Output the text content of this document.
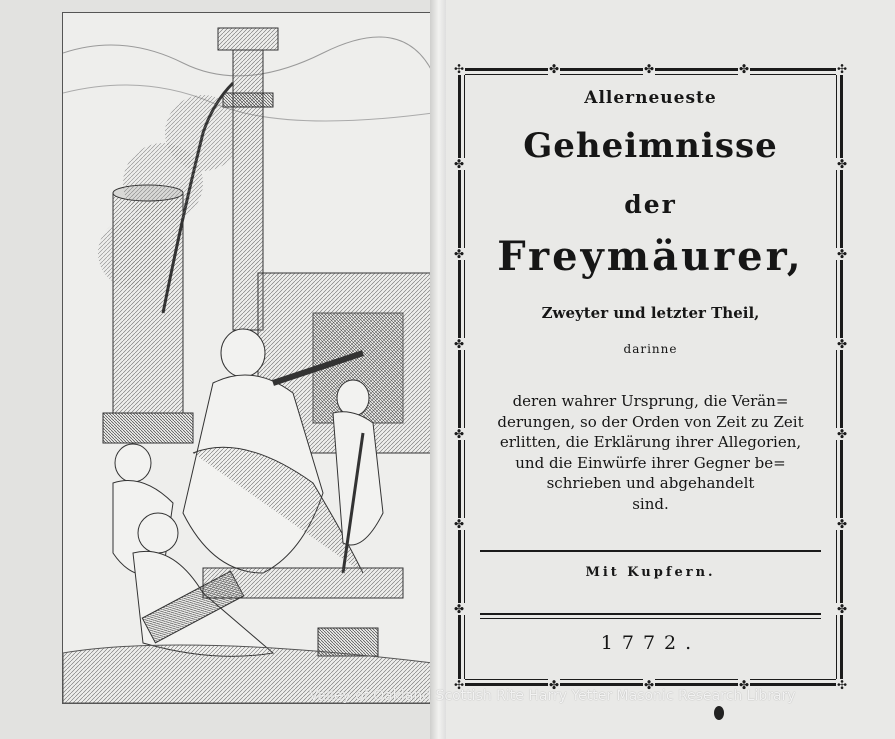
✣	✣
✣	✣
✤	✤	✤
✤	✤	✤
✤
✤
✤
✤
✤
✤
✤
✤
✤
✤
✤
✤
Allerneueste
Geheimnisse
der
Freymäurer,
Zweyter und letzter Theil,
darinne
deren wahrer Ursprung, die Verän=
derungen, so der Orden von Zeit zu Zeit
erlitten, die Erklärung ihrer Allegorien,
und die Einwürfe ihrer Gegner be=
schrieben und abgehandelt
sind.
Mit Kupfern.
1772.
Valley of Oakland Scottish Rite Harry Yetter Masonic Research Library
